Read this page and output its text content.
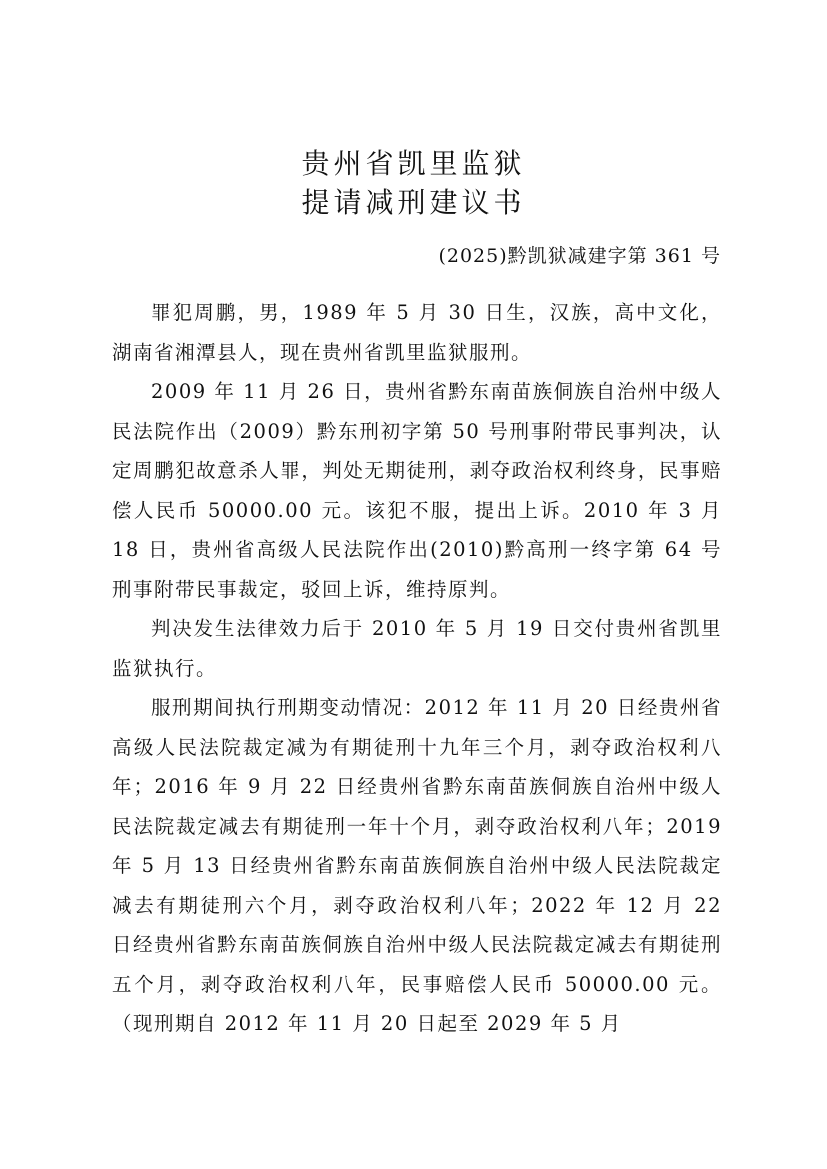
贵州省凯里监狱
提请减刑建议书

(2025)黔凯狱减建字第 361 号

罪犯周鹏，男，1989 年 5 月 30 日生，汉族，高中文化，湖南省湘潭县人，现在贵州省凯里监狱服刑。

2009 年 11 月 26 日，贵州省黔东南苗族侗族自治州中级人民法院作出（2009）黔东刑初字第 50 号刑事附带民事判决，认定周鹏犯故意杀人罪，判处无期徒刑，剥夺政治权利终身，民事赔偿人民币 50000.00 元。该犯不服，提出上诉。2010 年 3 月 18 日，贵州省高级人民法院作出(2010)黔高刑一终字第 64 号刑事附带民事裁定，驳回上诉，维持原判。

判决发生法律效力后于 2010 年 5 月 19 日交付贵州省凯里监狱执行。

服刑期间执行刑期变动情况：2012 年 11 月 20 日经贵州省高级人民法院裁定减为有期徒刑十九年三个月，剥夺政治权利八年；2016 年 9 月 22 日经贵州省黔东南苗族侗族自治州中级人民法院裁定减去有期徒刑一年十个月，剥夺政治权利八年；2019 年 5 月 13 日经贵州省黔东南苗族侗族自治州中级人民法院裁定减去有期徒刑六个月，剥夺政治权利八年；2022 年 12 月 22 日经贵州省黔东南苗族侗族自治州中级人民法院裁定减去有期徒刑五个月，剥夺政治权利八年，民事赔偿人民币 50000.00 元。（现刑期自 2012 年 11 月 20 日起至 2029 年 5 月
